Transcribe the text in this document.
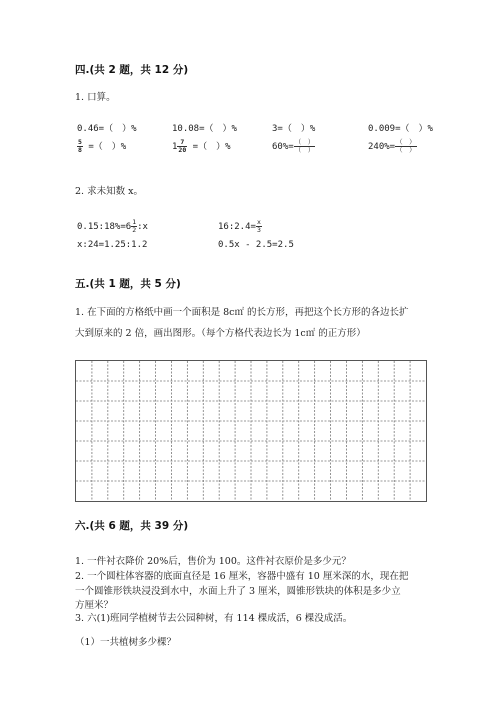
四.(共 2 题，共 12 分)
1. 口算。
0.46=（　）%	10.08=（　）%	3=（　）%	0.009=（　）%
$\frac{5}{8}$ =（　）%	$1 \frac{7}{20}$ =（　）%	$60\%= \frac{( )}{( )}$	$240\%= \frac{( )}{( )}$
2. 求未知数 x。
0.15:18%=6 $\frac{1}{2}$ :x	16:2.4= $\frac{x}{3}$
x:24=1.25:1.2	0.5x - 2.5=2.5
五.(共 1 题，共 5 分)
1. 在下面的方格纸中画一个面积是 8c㎡ 的长方形，再把这个长方形的各边长扩
大到原来的 2 倍，画出图形。（每个方格代表边长为 1c㎡ 的正方形）
六.(共 6 题，共 39 分)
1. 一件衬衣降价 20%后，售价为 100。这件衬衣原价是多少元？
2. 一个圆柱体容器的底面直径是 16 厘米，容器中盛有 10 厘米深的水，现在把
一个圆锥形铁块浸没到水中，水面上升了 3 厘米，圆锥形铁块的体积是多少立
方厘米？
3. 六(1)班同学植树节去公园种树，有 114 棵成活，6 棵没成活。
（1）一共植树多少棵？
